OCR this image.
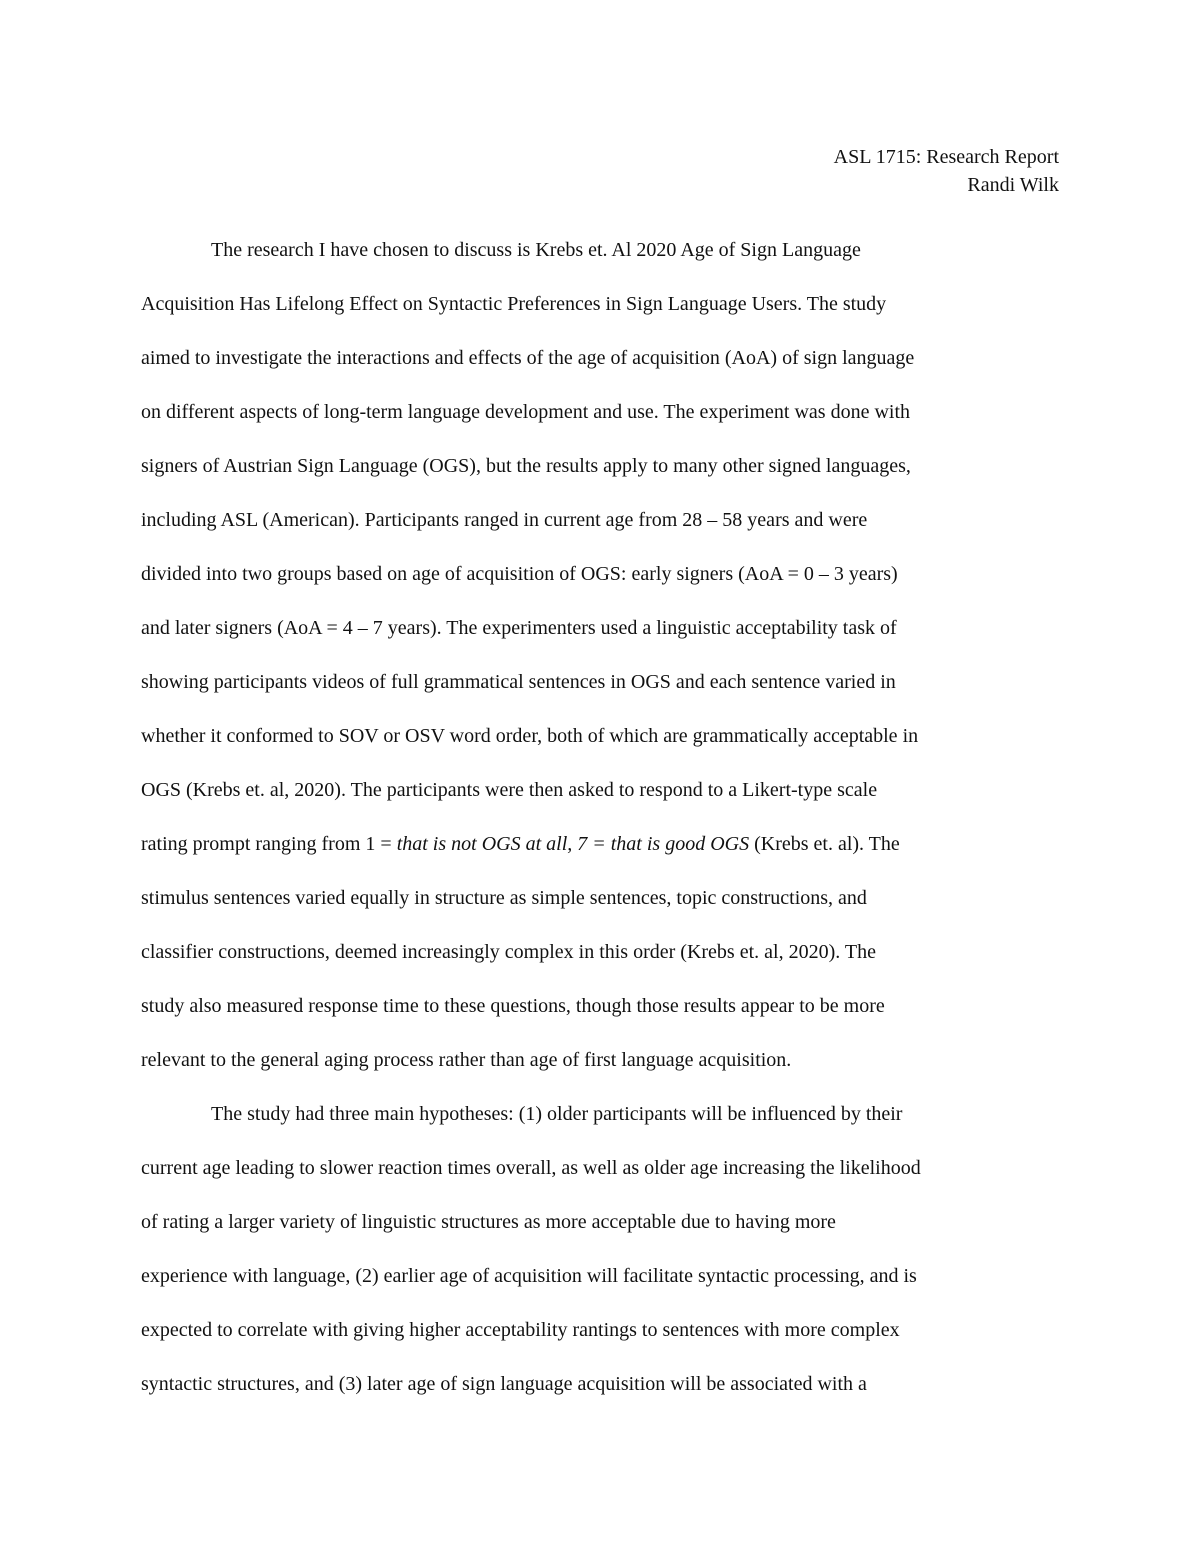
ASL 1715: Research Report
Randi Wilk
The research I have chosen to discuss is Krebs et. Al 2020 Age of Sign Language
Acquisition Has Lifelong Effect on Syntactic Preferences in Sign Language Users. The study
aimed to investigate the interactions and effects of the age of acquisition (AoA) of sign language
on different aspects of long-term language development and use. The experiment was done with
signers of Austrian Sign Language (OGS), but the results apply to many other signed languages,
including ASL (American). Participants ranged in current age from 28 – 58 years and were
divided into two groups based on age of acquisition of OGS: early signers (AoA = 0 – 3 years)
and later signers (AoA = 4 – 7 years). The experimenters used a linguistic acceptability task of
showing participants videos of full grammatical sentences in OGS and each sentence varied in
whether it conformed to SOV or OSV word order, both of which are grammatically acceptable in
OGS (Krebs et. al, 2020). The participants were then asked to respond to a Likert-type scale
rating prompt ranging from 1 = that is not OGS at all, 7 = that is good OGS (Krebs et. al). The
stimulus sentences varied equally in structure as simple sentences, topic constructions, and
classifier constructions, deemed increasingly complex in this order (Krebs et. al, 2020). The
study also measured response time to these questions, though those results appear to be more
relevant to the general aging process rather than age of first language acquisition.
The study had three main hypotheses: (1) older participants will be influenced by their
current age leading to slower reaction times overall, as well as older age increasing the likelihood
of rating a larger variety of linguistic structures as more acceptable due to having more
experience with language, (2) earlier age of acquisition will facilitate syntactic processing, and is
expected to correlate with giving higher acceptability rantings to sentences with more complex
syntactic structures, and (3) later age of sign language acquisition will be associated with a
